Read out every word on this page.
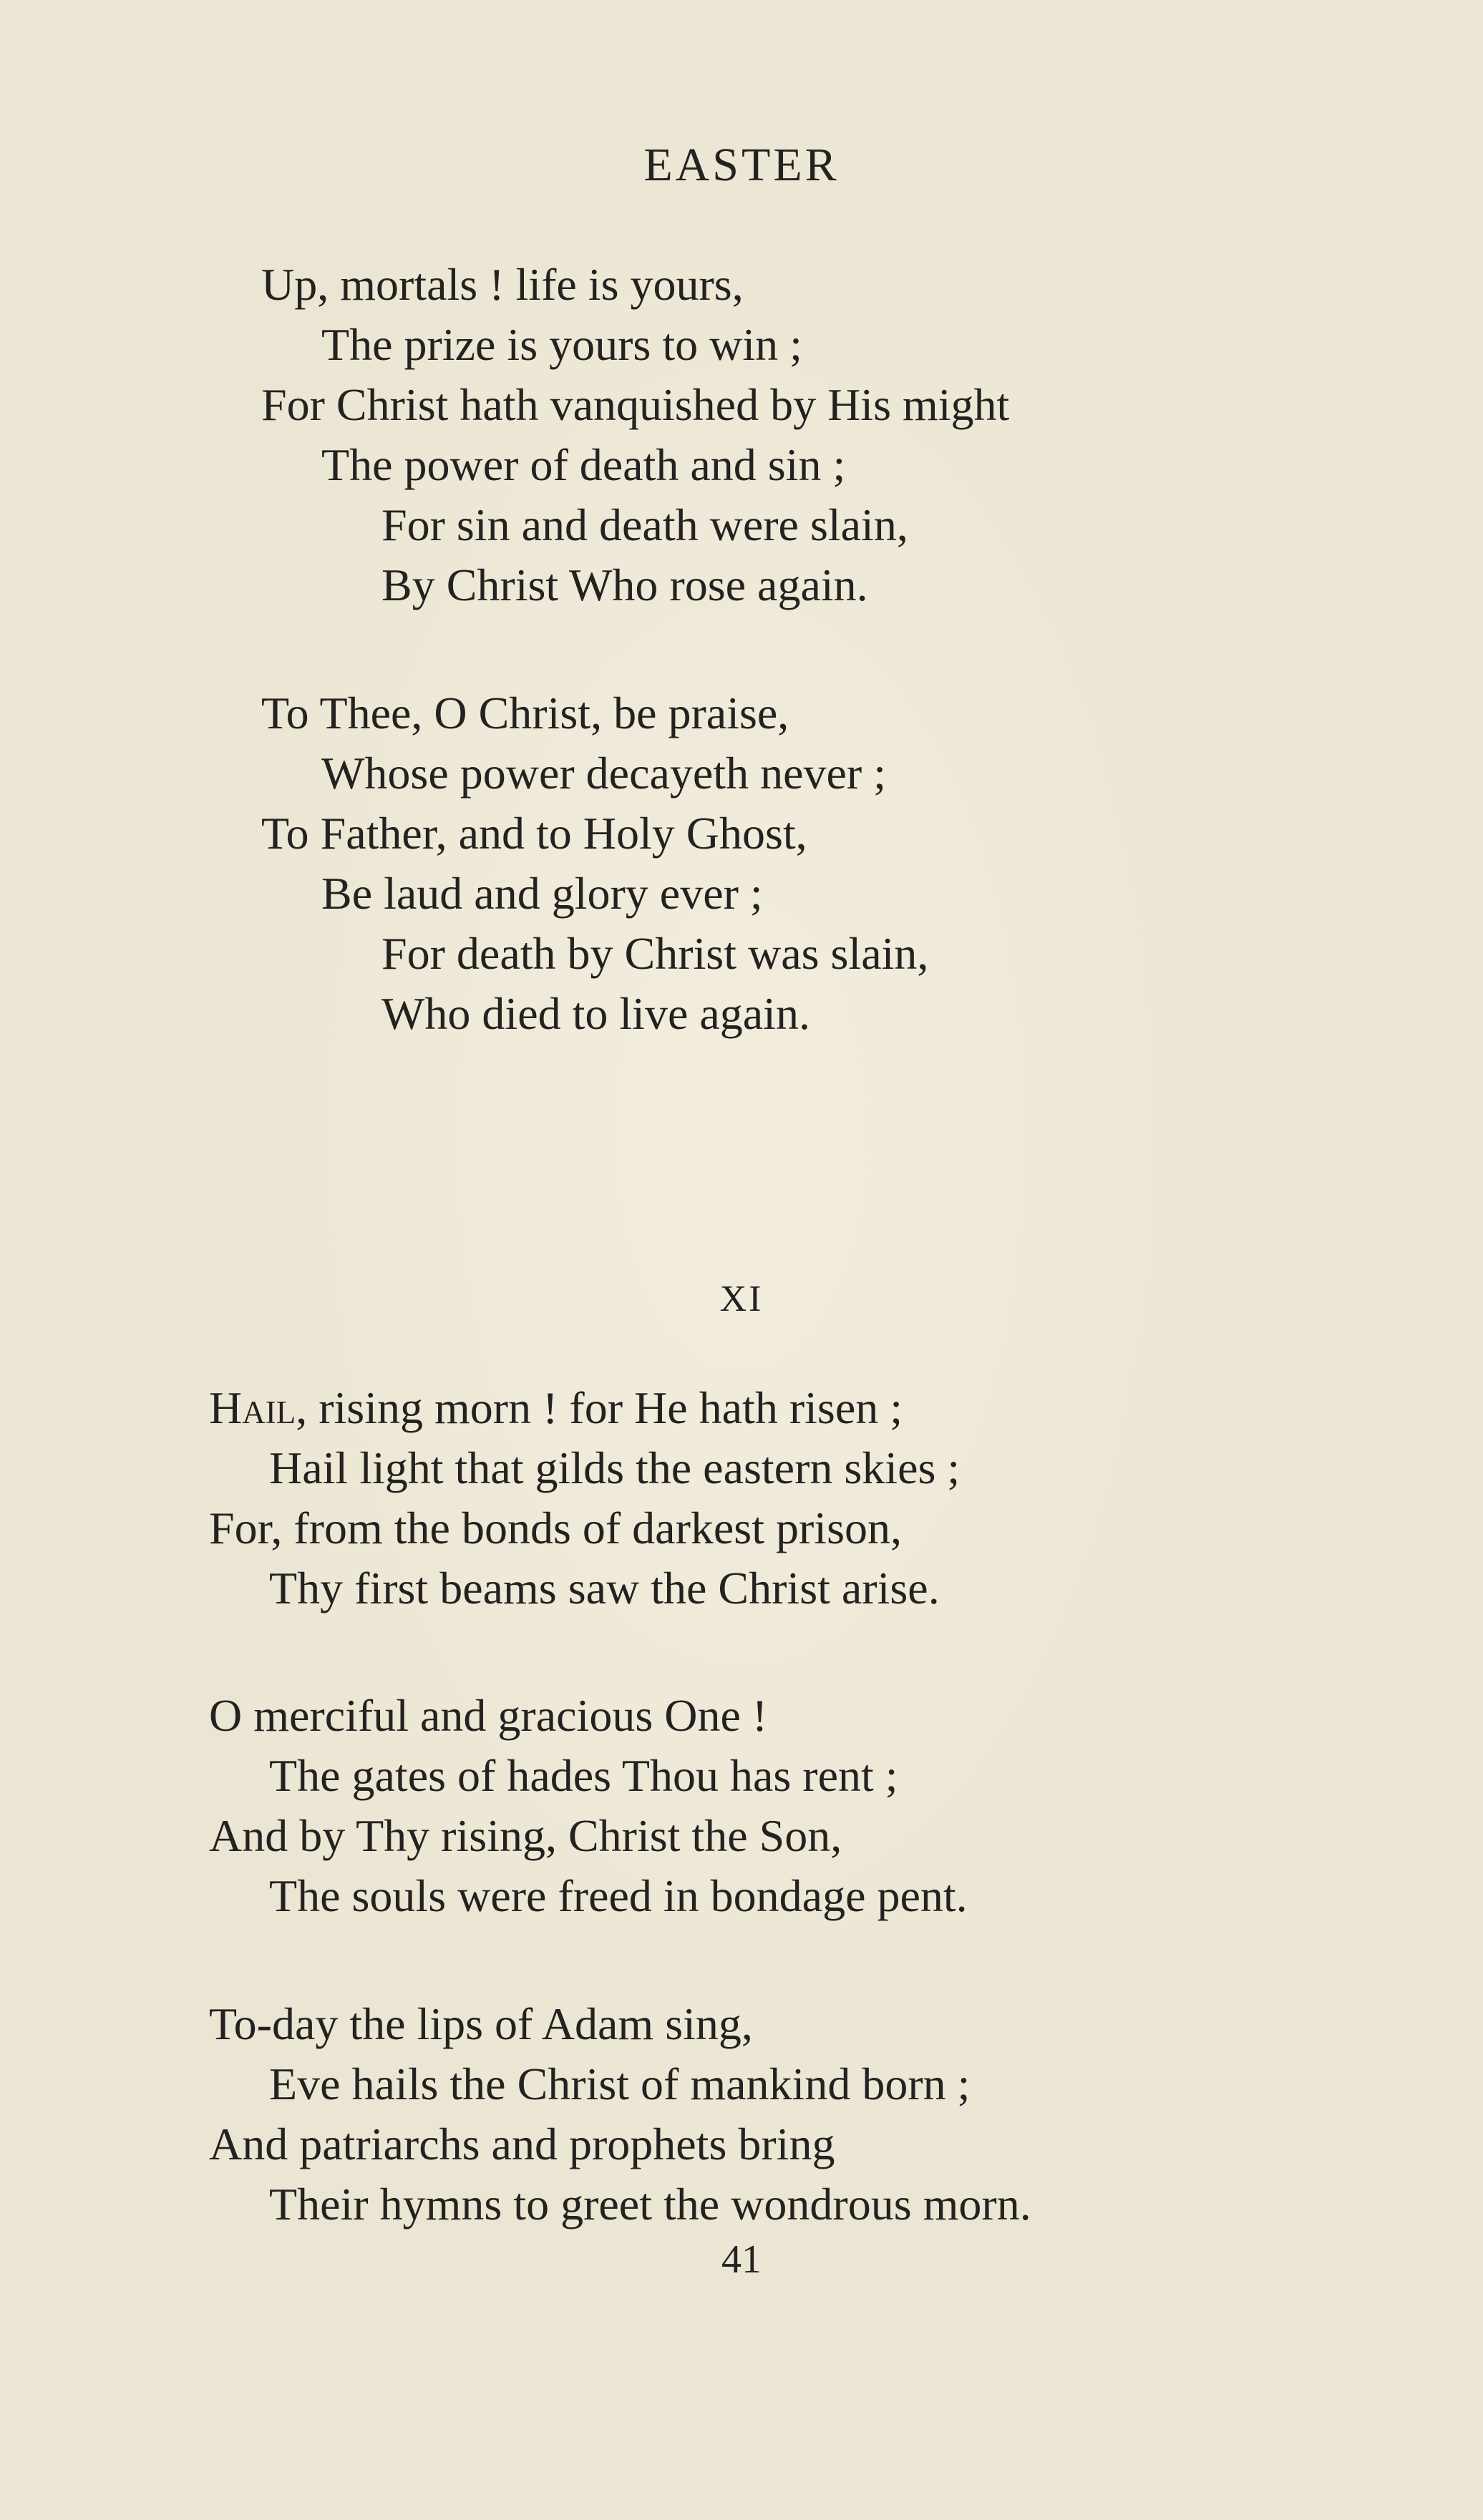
EASTER
Up, mortals ! life is yours,
The prize is yours to win ;
For Christ hath vanquished by His might
The power of death and sin ;
For sin and death were slain,
By Christ Who rose again.
To Thee, O Christ, be praise,
Whose power decayeth never ;
To Father, and to Holy Ghost,
Be laud and glory ever ;
For death by Christ was slain,
Who died to live again.
XI
Hail, rising morn ! for He hath risen ;
Hail light that gilds the eastern skies ;
For, from the bonds of darkest prison,
Thy first beams saw the Christ arise.
O merciful and gracious One !
The gates of hades Thou has rent ;
And by Thy rising, Christ the Son,
The souls were freed in bondage pent.
To-day the lips of Adam sing,
Eve hails the Christ of mankind born ;
And patriarchs and prophets bring
Their hymns to greet the wondrous morn.
41
